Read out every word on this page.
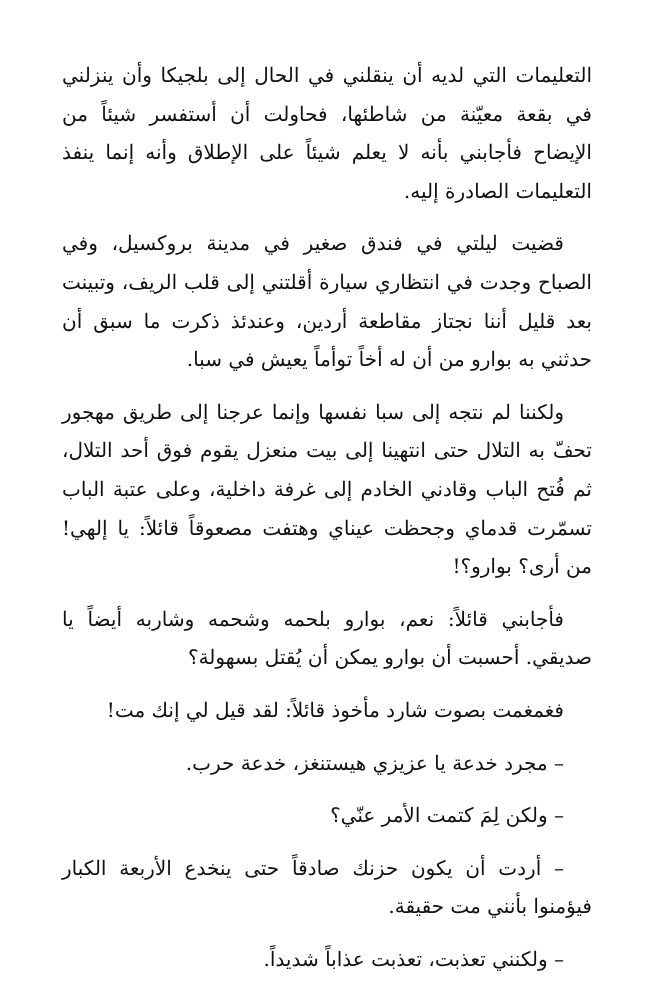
التعليمات التي لديه أن ينقلني في الحال إلى بلجيكا وأن ينزلني في بقعة معيّنة من شاطئها، فحاولت أن أستفسر شيئاً من الإيضاح فأجابني بأنه لا يعلم شيئاً على الإطلاق وأنه إنما ينفذ التعليمات الصادرة إليه.

قضيت ليلتي في فندق صغير في مدينة بروكسيل، وفي الصباح وجدت في انتظاري سيارة أقلتني إلى قلب الريف، وتبينت بعد قليل أننا نجتاز مقاطعة أردين، وعندئذ ذكرت ما سبق أن حدثني به بوارو من أن له أخاً توأماً يعيش في سبا.

ولكننا لم نتجه إلى سبا نفسها وإنما عرجنا إلى طريق مهجور تحفّ به التلال حتى انتهينا إلى بيت منعزل يقوم فوق أحد التلال، ثم فُتح الباب وقادني الخادم إلى غرفة داخلية، وعلى عتبة الباب تسمّرت قدماي وجحظت عيناي وهتفت مصعوقاً قائلاً: يا إلهي! من أرى؟ بوارو؟!

فأجابني قائلاً: نعم، بوارو بلحمه وشحمه وشاربه أيضاً يا صديقي. أحسبت أن بوارو يمكن أن يُقتل بسهولة؟

فغمغمت بصوت شارد مأخوذ قائلاً: لقد قيل لي إنك مت!

– مجرد خدعة يا عزيزي هيستنغز، خدعة حرب.

– ولكن لِمَ كتمت الأمر عنّي؟

– أردت أن يكون حزنك صادقاً حتى ينخدع الأربعة الكبار فيؤمنوا بأنني مت حقيقة.

– ولكنني تعذبت، تعذبت عذاباً شديداً.
